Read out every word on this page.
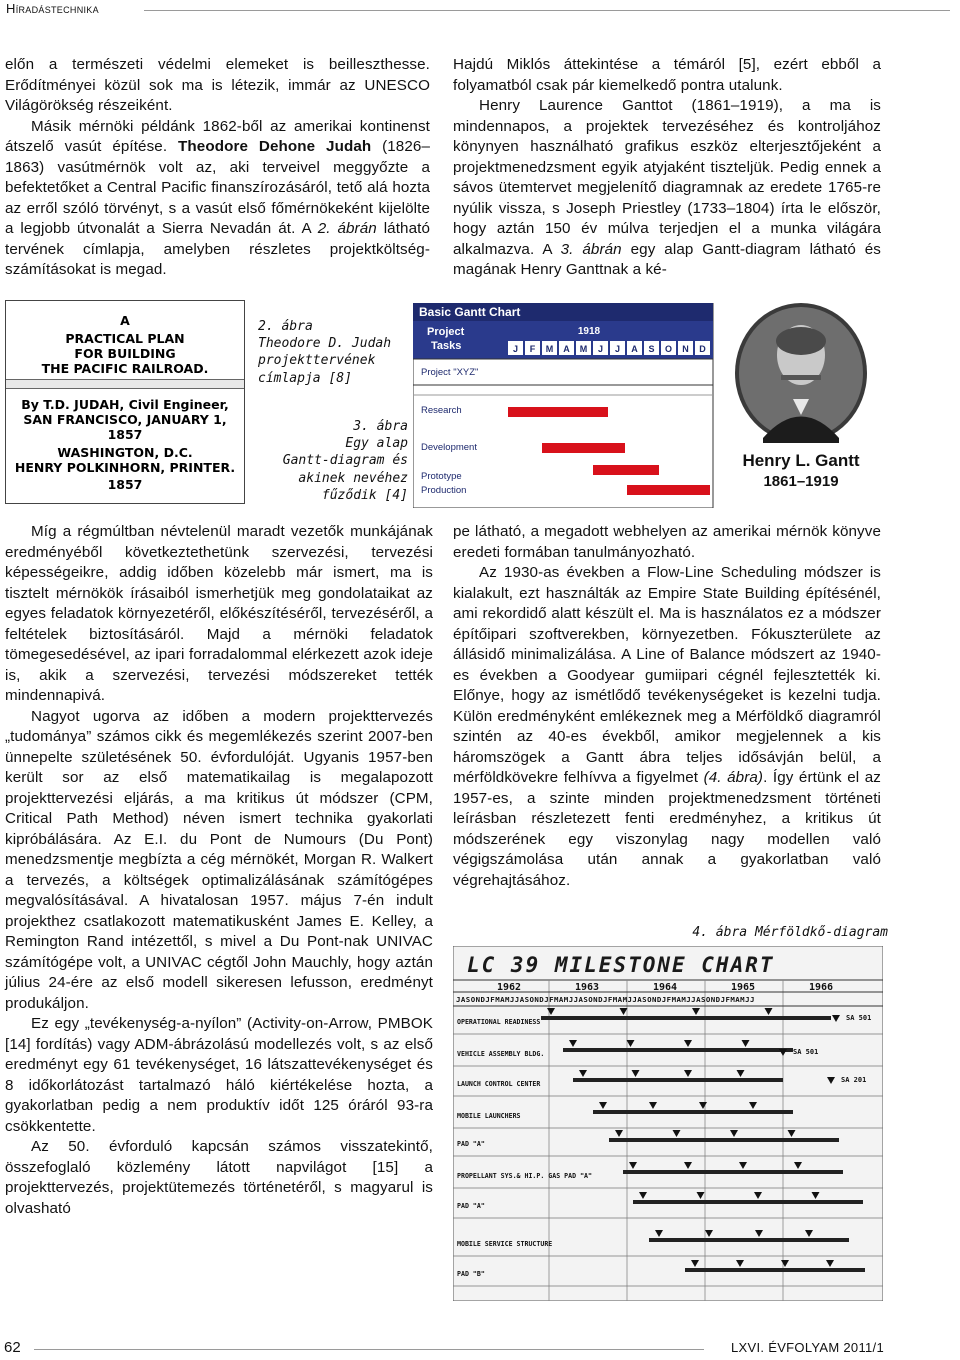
Híradástechnika

előn a természeti védelmi elemeket is beilleszthesse. Erődítményei közül sok ma is létezik, immár az UNESCO Világörökség részeiként.

Másik mérnöki példánk 1862-ből az amerikai kontinenst átszelő vasút építése. Theodore Dehone Judah (1826–1863) vasútmérnök volt az, aki terveivel meggyőzte a befektetőket a Central Pacific finanszírozásáról, tető alá hozta az erről szóló törvényt, s a vasút első főmérnökeként kijelölte a legjobb útvonalát a Sierra Nevadán át. A 2. ábrán látható tervének címlapja, amelyben részletes projektköltség-számításokat is megad.

Hajdú Miklós áttekintése a témáról [5], ezért ebből a folyamatból csak pár kiemelkedő pontra utalunk.

Henry Laurence Ganttot (1861–1919), a ma is mindennapos, a projektek tervezéséhez és kontroljához könynyen használható grafikus eszköz elterjesztőjeként a projektmenedzsment egyik atyjaként tiszteljük. Pedig ennek a sávos ütemtervet megjelenítő diagramnak az eredete 1765-re nyúlik vissza, s Joseph Priestley (1733–1804) írta le először, hogy aztán 150 év múlva terjedjen el a munka világára alkalmazva. A 3. ábrán egy alap Gantt-diagram látható és magának Henry Ganttnak a ké-

A
PRACTICAL PLAN
FOR BUILDING
THE PACIFIC RAILROAD.
By T.D. JUDAH, Civil Engineer,
SAN FRANCISCO, JANUARY 1, 1857
WASHINGTON, D.C.
HENRY POLKINHORN, PRINTER.
1857
2. ábra
Theodore D. Judah
projekttervének
címlapja [8]
3. ábra
Egy alap
Gantt-diagram és
akinek nevéhez
fűződik [4]
Basic Gantt Chart
Project
Tasks
1918
J F M A M J J A S O N D
Project "XYZ"
Research
Development
Prototype
Production
Henry L. Gantt
1861–1919

Míg a régmúltban névtelenül maradt vezetők munkájának eredményéből következtethetünk szervezési, tervezési képességeikre, addig időben közelebb már ismert, ma is tisztelt mérnökök írásaiból ismerhetjük meg gondolataikat az egyes feladatok környezetéről, előkészítéséről, tervezéséről, a feltételek biztosításáról. Majd a mérnöki feladatok tömegesedésével, az ipari forradalommal elérkezett azok ideje is, akik a szervezési, tervezési módszereket tették mindennapivá.

Nagyot ugorva az időben a modern projekttervezés „tudománya” számos cikk és megemlékezés szerint 2007-ben ünnepelte születésének 50. évfordulóját. Ugyanis 1957-ben került sor az első matematikailag is megalapozott projekttervezési eljárás, a ma kritikus út módszer (CPM, Critical Path Method) néven ismert technika gyakorlati kipróbálására. Az E.I. du Pont de Numours (Du Pont) menedzsmentje megbízta a cég mérnökét, Morgan R. Walkert a tervezés, a költségek optimalizálásának számítógépes megvalósításával. A hivatalosan 1957. május 7-én indult projekthez csatlakozott matematikusként James E. Kelley, a Remington Rand intézettől, s mivel a Du Pont-nak UNIVAC számítógépe volt, a UNIVAC cégtől John Mauchly, hogy aztán július 24-ére az első modell sikeresen lefusson, eredményt produkáljon.

Ez egy „tevékenység-a-nyílon” (Activity-on-Arrow, PMBOK [14] fordítás) vagy ADM-ábrázolású modellezés volt, s az első eredményt egy 61 tevékenységet, 16 látszattevékenységet és 8 időkorlátozást tartalmazó háló kiértékelése hozta, a gyakorlatban pedig a nem produktív időt 125 óráról 93-ra csökkentette.

Az 50. évforduló kapcsán számos visszatekintő, összefoglaló közlemény látott napvilágot [15] a projekttervezés, projektütemezés történetéről, s magyarul is olvasható

pe látható, a megadott webhelyen az amerikai mérnök könyve eredeti formában tanulmányozható.

Az 1930-as években a Flow-Line Scheduling módszer is kialakult, ezt használták az Empire State Building építésénél, ami rekordidő alatt készült el. Ma is használatos ez a módszer építőipari szoftverekben, környezetben. Fókuszterülete az állásidő minimalizálása. A Line of Balance módszert az 1940-es években a Goodyear gumiipari cégnél fejlesztették ki. Előnye, hogy az ismétlődő tevékenységeket is kezelni tudja. Külön eredményként emlékeznek meg a Mérföldkő diagramról szintén az 40-es évekből, amikor megjelennek a kis háromszögek a Gantt ábra teljes idősávján belül, a mérföldkövekre felhívva a figyelmet (4. ábra). Így értünk el az 1957-es, a szinte minden projektmenedzsment történeti leírásban részletezett fenti eredményhez, a kritikus út módszerének egy viszonylag nagy modellen való végigszámolása után annak a gyakorlatban való végrehajtásához.

4. ábra Mérföldkő-diagram
LC 39 MILESTONE CHART
1962	1963	1964	1965	1966
JASONDJFMAMJJASONDJFMAMJJASONDJFMAMJJASONDJFMAMJJASONDJFMAMJJ
OPERATIONAL READINESS
VEHICLE ASSEMBLY BLDG.
LAUNCH CONTROL CENTER
MOBILE LAUNCHERS
PAD "A"
PROPELLANT SYS.& HI.P. GAS PAD "A"
PAD "A"
MOBILE SERVICE STRUCTURE
PAD "B"
SA 501
SA 501
SA 201
62	LXVI. ÉVFOLYAM 2011/1
